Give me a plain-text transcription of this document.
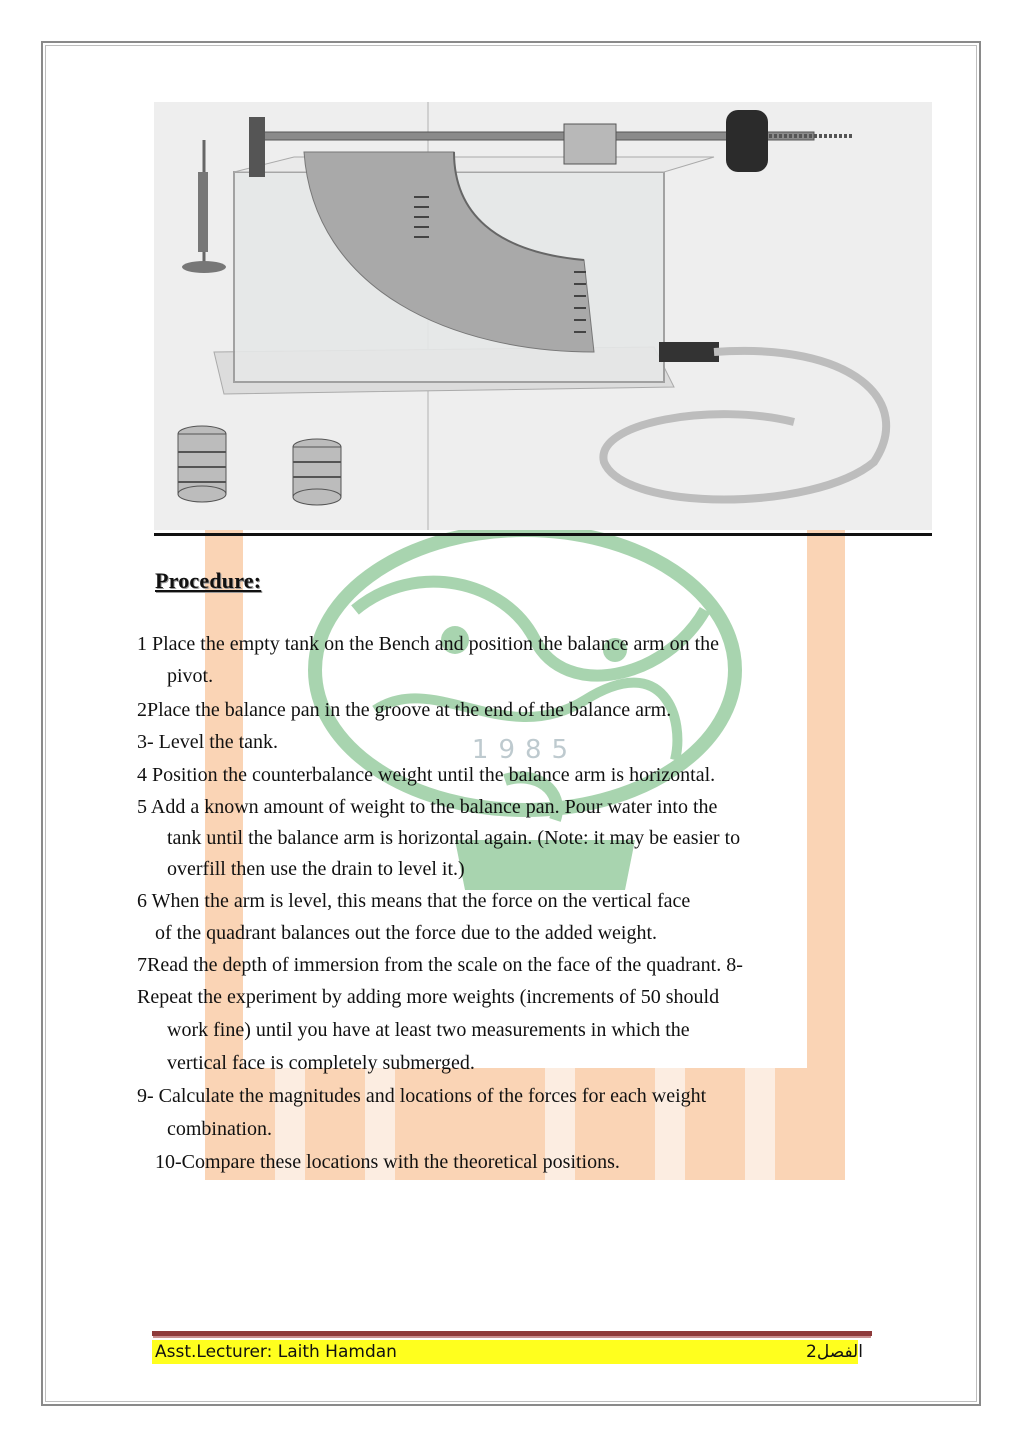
1985
Procedure:
1 Place the empty tank on the Bench and position the balance arm on the
pivot.
2Place the balance pan in the groove at the end of the balance arm.
3- Level the tank.
4 Position the counterbalance weight until the balance arm is horizontal.
5 Add a known amount of weight to the balance pan. Pour water into the
tank until the balance arm is horizontal again. (Note: it may be easier to
overfill then use the drain to level it.)
6 When the arm is level, this means that the force on the vertical face
of the quadrant balances out the force due to the added weight.
7Read the depth of immersion from the scale on the face of the quadrant. 8-
Repeat the experiment by adding more weights (increments of 50 should
work fine) until you have at least two measurements in which the
vertical face is completely submerged.
9- Calculate the magnitudes and locations of the forces for each weight
combination.
10-Compare these locations with the theoretical positions.
Asst.Lecturer: Laith Hamdan	الفصل2
